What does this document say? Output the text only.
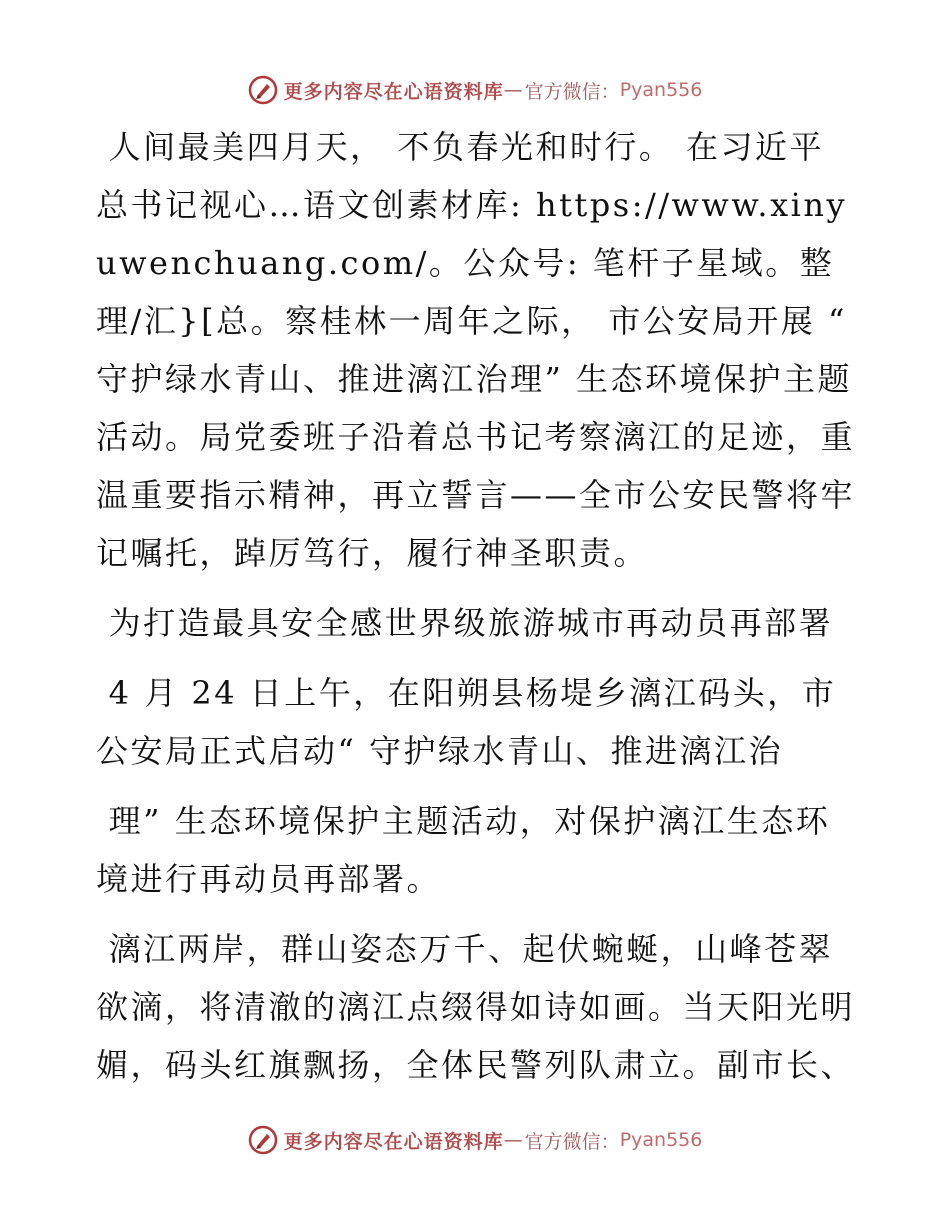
更多内容尽在心语资料库 — 官方微信： Pyan556

人间最美四月天， 不负春光和时行。 在习近平总书记视心…语文创素材库: https://www.xinyuwenchuang.com/。公众号: 笔杆子星域。整理/汇}[总。察桂林一周年之际， 市公安局开展 “ 守护绿水青山、推进漓江治理” 生态环境保护主题活动。局党委班子沿着总书记考察漓江的足迹，重温重要指示精神，再立誓言——全市公安民警将牢记嘱托，踔厉笃行，履行神圣职责。

为打造最具安全感世界级旅游城市再动员再部署

4 月 24 日上午，在阳朔县杨堤乡漓江码头，市公安局正式启动“ 守护绿水青山、推进漓江治

理” 生态环境保护主题活动，对保护漓江生态环境进行再动员再部署。

漓江两岸，群山姿态万千、起伏蜿蜒，山峰苍翠欲滴，将清澈的漓江点缀得如诗如画。当天阳光明媚，码头红旗飘扬，全体民警列队肃立。副市长、

更多内容尽在心语资料库 — 官方微信： Pyan556
